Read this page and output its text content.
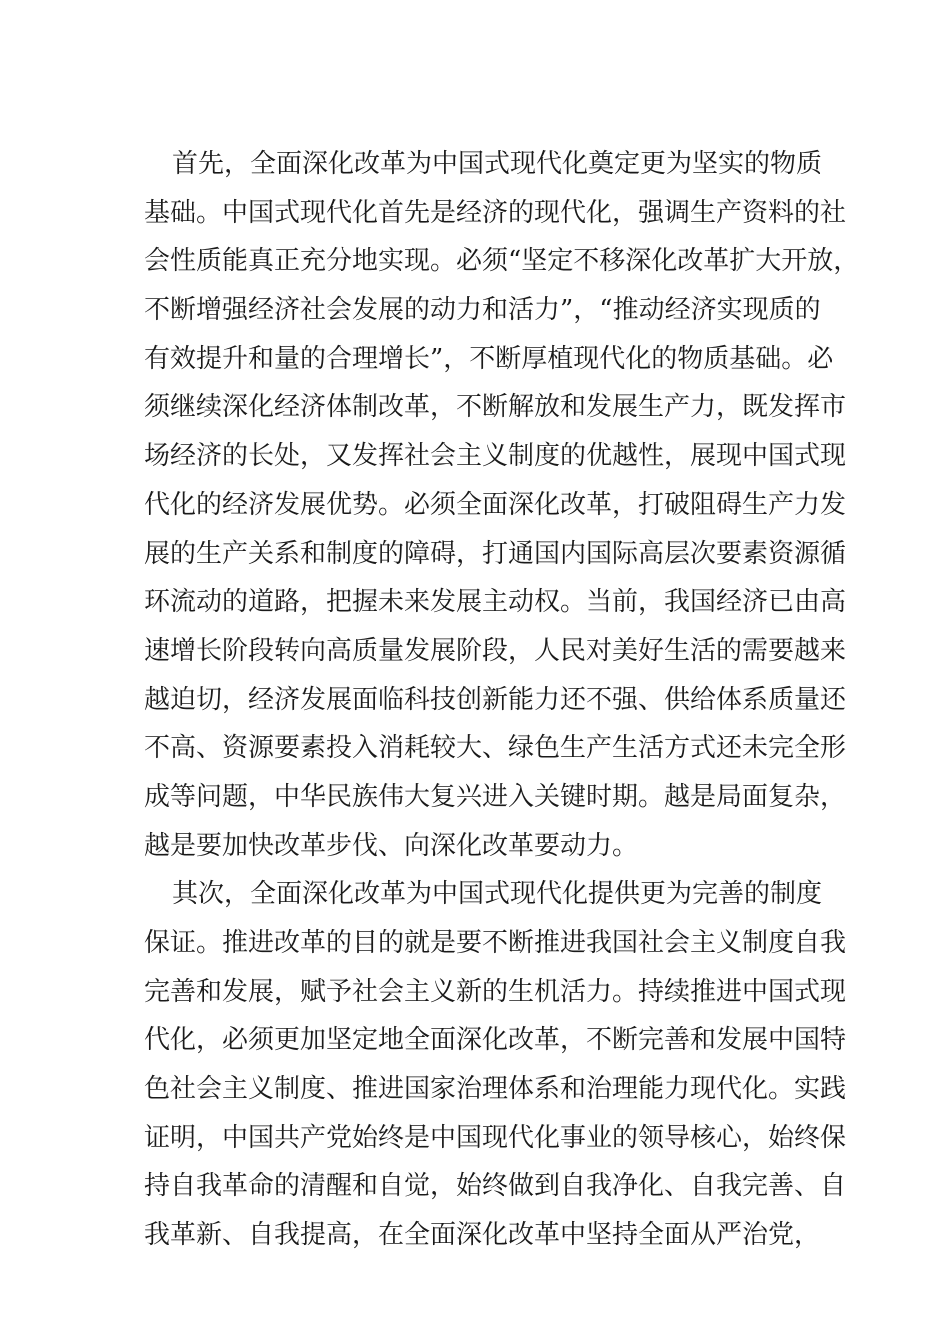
首先，全面深化改革为中国式现代化奠定更为坚实的物质
基础。中国式现代化首先是经济的现代化，强调生产资料的社
会性质能真正充分地实现。必须“坚定不移深化改革扩大开放，
不断增强经济社会发展的动力和活力”，“推动经济实现质的
有效提升和量的合理增长”，不断厚植现代化的物质基础。必
须继续深化经济体制改革，不断解放和发展生产力，既发挥市
场经济的长处，又发挥社会主义制度的优越性，展现中国式现
代化的经济发展优势。必须全面深化改革，打破阻碍生产力发
展的生产关系和制度的障碍，打通国内国际高层次要素资源循
环流动的道路，把握未来发展主动权。当前，我国经济已由高
速增长阶段转向高质量发展阶段，人民对美好生活的需要越来
越迫切，经济发展面临科技创新能力还不强、供给体系质量还
不高、资源要素投入消耗较大、绿色生产生活方式还未完全形
成等问题，中华民族伟大复兴进入关键时期。越是局面复杂，
越是要加快改革步伐、向深化改革要动力。
其次，全面深化改革为中国式现代化提供更为完善的制度
保证。推进改革的目的就是要不断推进我国社会主义制度自我
完善和发展，赋予社会主义新的生机活力。持续推进中国式现
代化，必须更加坚定地全面深化改革，不断完善和发展中国特
色社会主义制度、推进国家治理体系和治理能力现代化。实践
证明，中国共产党始终是中国现代化事业的领导核心，始终保
持自我革命的清醒和自觉，始终做到自我净化、自我完善、自
我革新、自我提高，在全面深化改革中坚持全面从严治党，
